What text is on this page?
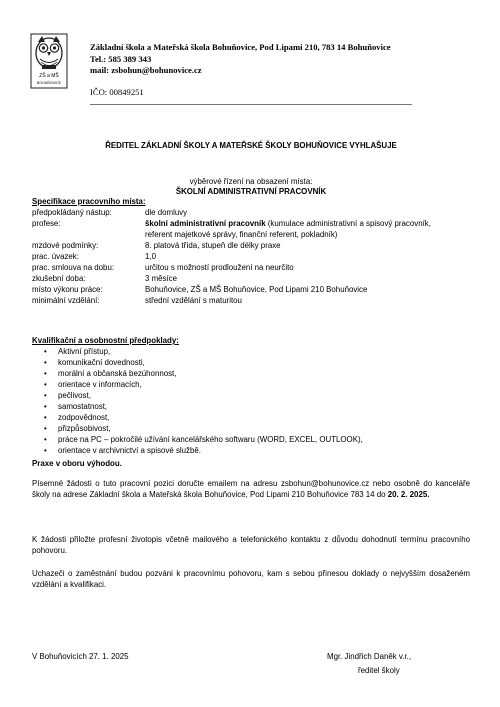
ZŠ a MŠ
BOHUŇOVICE
Základní škola a Mateřská škola Bohuňovice, Pod Lipami 210, 783 14 Bohuňovice
Tel.: 585 389 343
mail: zsbohun@bohunovice.cz
IČO: 00849251
ŘEDITEL ZÁKLADNÍ ŠKOLY A MATEŘSKÉ ŠKOLY BOHUŇOVICE VYHLAŠUJE
výběrové řízení na obsazení místa:
ŠKOLNÍ ADMINISTRATIVNÍ PRACOVNÍK
Specifikace pracovního místa:
předpokládaný nástup:	dle domluvy
profese:	školní administrativní pracovník (kumulace administrativní a spisový pracovník,
referent majetkové správy, finanční referent, pokladník)
mzdové podmínky:	8. platová třída, stupeň dle délky praxe
prac. úvazek:	1,0
prac. smlouva na dobu:	určitou s možností prodloužení na neurčito
zkušební doba:	3 měsíce
místo výkonu práce:	Bohuňovice, ZŠ a MŠ Bohuňovice, Pod Lipami 210 Bohuňovice
minimální vzdělání:	střední vzdělání s maturitou
Kvalifikační a osobnostní předpoklady:
• Aktivní přístup,
• komunikační dovednosti,
• morální a občanská bezúhonnost,
• orientace v informacích,
• pečlivost,
• samostatnost,
• zodpovědnost,
• přizpůsobivost,
• práce na PC – pokročilé užívání kancelářského softwaru (WORD, EXCEL, OUTLOOK),
• orientace v archivnictví a spisové službě.
Praxe v oboru výhodou.
Písemné žádosti o tuto pracovní pozici doručte emailem na adresu zsbohun@bohunovice.cz nebo osobně do kanceláře školy na adrese Základní škola a Mateřská škola Bohuňovice, Pod Lipami 210 Bohuňovice 783 14 do 20. 2. 2025.
K žádosti přiložte profesní životopis včetně mailového a telefonického kontaktu z důvodu dohodnutí termínu pracovního pohovoru.
Uchazeči o zaměstnání budou pozváni k pracovnímu pohovoru, kam s sebou přinesou doklady o nejvyšším dosaženém vzdělání a kvalifikaci.
V Bohuňovicích 27. 1. 2025	Mgr. Jindřich Daněk v.r.,
ředitel školy
